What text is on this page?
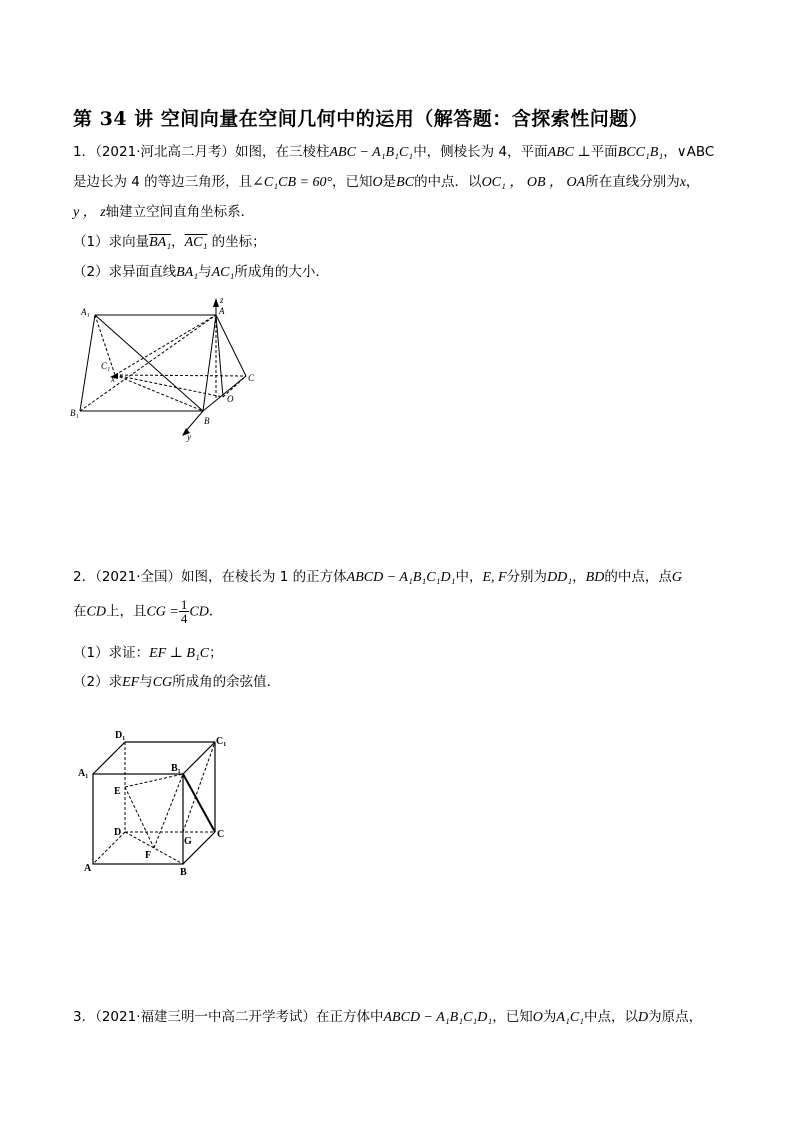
第 34 讲 空间向量在空间几何中的运用（解答题：含探索性问题）
1．（2021·河北高二月考）如图，在三棱柱ABC − A₁B₁C₁中，侧棱长为 4，平面ABC ⊥平面BCC₁B₁，∨ABC
是边长为 4 的等边三角形，且∠C₁CB = 60°，已知O是BC的中点．以OC₁ ， OB ， OA所在直线分别为x，
y ， z轴建立空间直角坐标系．
（1）求向量BA₁，AC₁ 的坐标；
（2）求异面直线BA₁与AC₁所成角的大小．
A₁	A
z
C₁
x	C
O
B₁
B
y
2．（2021·全国）如图，在棱长为 1 的正方体ABCD − A₁B₁C₁D₁中，E, F分别为DD₁，BD的中点，点G
在CD上，且CG = $\frac{1}{4}$ CD．
（1）求证：EF ⊥ B₁C；
（2）求EF与CG所成角的余弦值．
D₁
C₁
A₁	B₁
E
D
G
C
F
A	B
3．（2021·福建三明一中高二开学考试）在正方体中ABCD − A₁B₁C₁D₁，已知O为A₁C₁中点，以D为原点，
